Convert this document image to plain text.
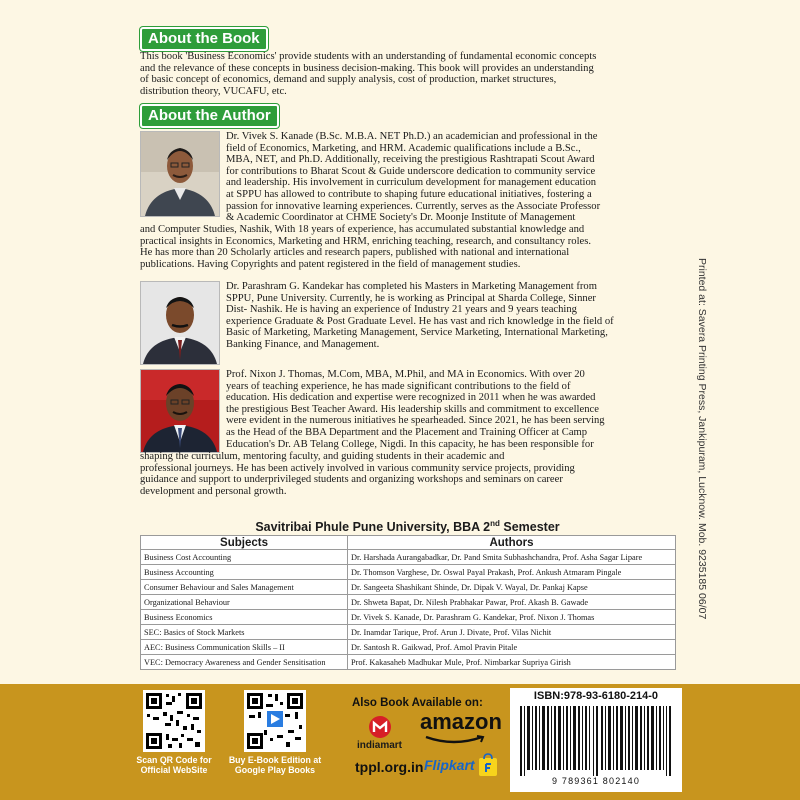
About the Book
This book 'Business Economics' provide students with an understanding of fundamental economic concepts
and the relevance of these concepts in business decision-making. This book will provides an understanding
of basic concept of economics, demand and supply analysis, cost of production, market structures,
distribution theory, VUCAFU, etc.
About the Author
Dr. Vivek S. Kanade (B.Sc. M.B.A. NET Ph.D.) an academician and professional in the
field of Economics, Marketing, and HRM. Academic qualifications include a B.Sc.,
MBA, NET, and Ph.D. Additionally, receiving the prestigious Rashtrapati Scout Award
for contributions to Bharat Scout & Guide underscore dedication to community service
and leadership. His involvement in curriculum development for management education
at SPPU has allowed to contribute to shaping future educational initiatives, fostering a
passion for innovative learning experiences. Currently, serves as the Associate Professor
& Academic Coordinator at CHME Society's Dr. Moonje Institute of Management
and Computer Studies, Nashik, With 18 years of experience, has accumulated substantial knowledge and
practical insights in Economics, Marketing and HRM, enriching teaching, research, and consultancy roles.
He has more than 20 Scholarly articles and research papers, published with national and international
publications. Having Copyrights and patent registered in the field of management studies.
Dr. Parashram G. Kandekar has completed his Masters in Marketing Management from
SPPU, Pune University. Currently, he is working as Principal at Sharda College, Sinner
Dist- Nashik. He is having an experience of Industry 21 years and 9 years teaching
experience Graduate & Post Graduate Level. He has vast and rich knowledge in the field of
Basic of Marketing, Marketing Management, Service Marketing, International Marketing,
Banking Finance, and Management.
Prof. Nixon J. Thomas, M.Com, MBA, M.Phil, and MA in Economics. With over 20
years of teaching experience, he has made significant contributions to the field of
education. His dedication and expertise were recognized in 2011 when he was awarded
the prestigious Best Teacher Award. His leadership skills and commitment to excellence
were evident in the numerous initiatives he spearheaded. Since 2021, he has been serving
as the Head of the BBA Department and the Placement and Training Officer at Camp
Education's Dr. AB Telang College, Nigdi. In this capacity, he has been responsible for
shaping the curriculum, mentoring faculty, and guiding students in their academic and
professional journeys. He has been actively involved in various community service projects, providing
guidance and support to underprivileged students and organizing workshops and seminars on career
development and personal growth.	Printed at: Savera Printing Press, Jankipuram, Lucknow. Mob. 9235185 06/07
Savitribai Phule Pune University, BBA 2nd Semester
Subjects	Authors
Business Cost Accounting	Dr. Harshada Aurangabadkar, Dr. Pand Smita Subhashchandra, Prof. Asha Sagar Lipare
Business Accounting	Dr. Thomson Varghese, Dr. Oswal Payal Prakash, Prof. Ankush Atmaram Pingale
Consumer Behaviour and Sales Management	Dr. Sangeeta Shashikant Shinde, Dr. Dipak V. Wayal, Dr. Pankaj Kapse
Organizational Behaviour	Dr. Shweta Bapat, Dr. Nilesh Prabhakar Pawar, Prof. Akash B. Gawade
Business Economics	Dr. Vivek S. Kanade, Dr. Parashram G. Kandekar, Prof. Nixon J. Thomas
SEC: Basics of Stock Markets	Dr. Inamdar Tarique, Prof. Arun J. Divate, Prof. Vilas Nichit
AEC: Business Communication Skills – II	Dr. Santosh R. Gaikwad, Prof. Amol Pravin Pitale
VEC: Democracy Awareness and Gender Sensitisation	Prof. Kakasaheb Madhukar Mule, Prof. Nimbarkar Supriya Girish
Scan QR Code for
Official WebSite
Buy E-Book Edition at
Google Play Books
Also Book Available on:
indiamart
amazon
tppl.org.in Flipkart
ISBN:978-93-6180-214-0
9 789361 802140
